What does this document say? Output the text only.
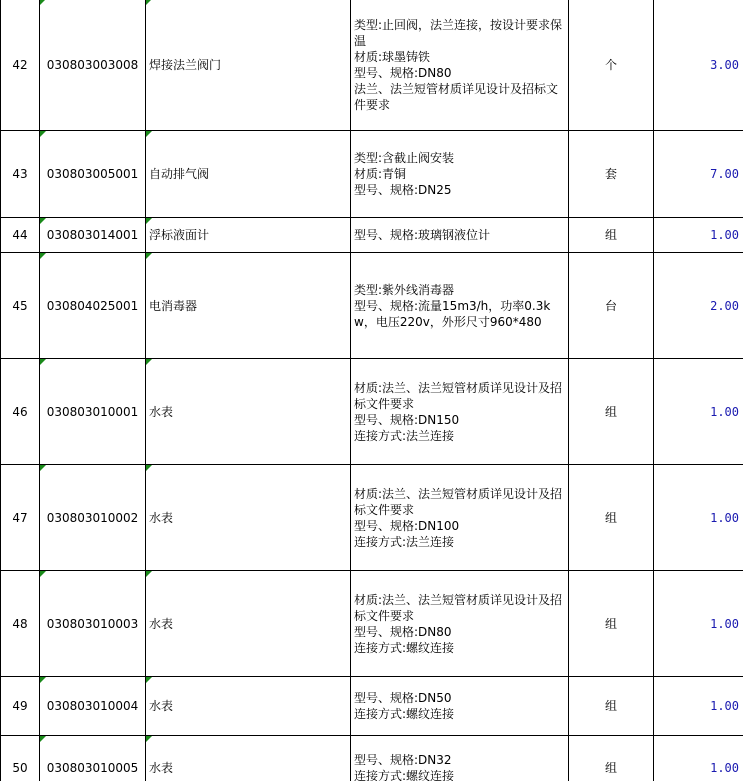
42	030803003008	焊接法兰阀门	类型:止回阀，法兰连接，按设计要求保温
材质:球墨铸铁
型号、规格:DN80
法兰、法兰短管材质详见设计及招标文件要求	个	3.00
43	030803005001	自动排气阀	类型:含截止阀安装
材质:青铜
型号、规格:DN25	套	7.00
44	030803014001	浮标液面计	型号、规格:玻璃钢液位计	组	1.00
45	030804025001	电消毒器	类型:紫外线消毒器
型号、规格:流量15m3/h，功率0.3kw，电压220v，外形尺寸960*480	台	2.00
46	030803010001	水表	材质:法兰、法兰短管材质详见设计及招标文件要求
型号、规格:DN150
连接方式:法兰连接	组	1.00
47	030803010002	水表	材质:法兰、法兰短管材质详见设计及招标文件要求
型号、规格:DN100
连接方式:法兰连接	组	1.00
48	030803010003	水表	材质:法兰、法兰短管材质详见设计及招标文件要求
型号、规格:DN80
连接方式:螺纹连接	组	1.00
49	030803010004	水表	型号、规格:DN50
连接方式:螺纹连接	组	1.00
50	030803010005	水表	型号、规格:DN32
连接方式:螺纹连接	组	1.00
